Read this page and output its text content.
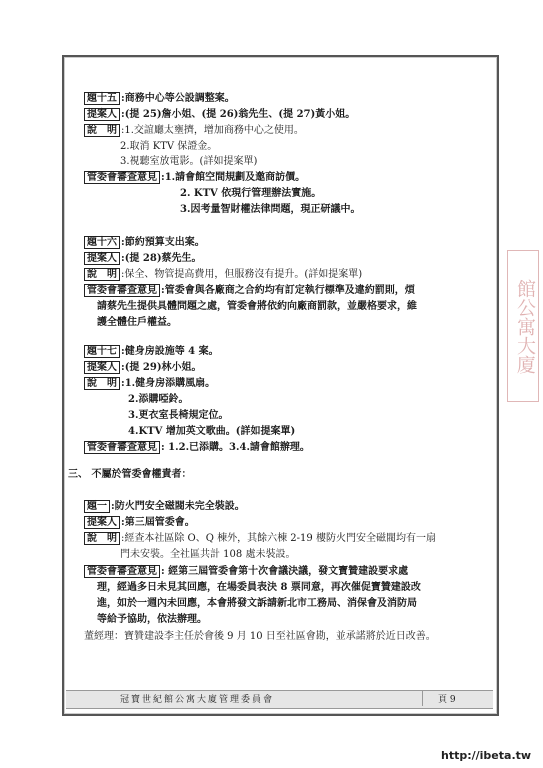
題十五 :商務中心等公設調整案。
提案人 :(提 25)詹小姐、(提 26)翁先生、(提 27)黃小姐。
說　明 :1.交誼廳太壅擠，增加商務中心之使用。
2.取消 KTV 保證金。
3.視聽室放電影。(詳如提案單)
管委會審查意見 :1.請會館空間規劃及邀商訪價。
2. KTV 依現行管理辦法實施。
3.因考量智財權法律問題，現正研議中。
題十六 :節約預算支出案。
提案人 :(提 28)蔡先生。
說　明 :保全、物管提高費用，但服務沒有提升。(詳如提案單)
管委會審查意見 :管委會與各廠商之合約均有訂定執行標準及違約罰則，煩
請蔡先生提供具體問題之處，管委會將依約向廠商罰款，並嚴格要求，維
護全體住戶權益。
題十七 :健身房設施等 4 案。
提案人 :(提 29)林小姐。
說　明 :1.健身房添購風扇。
2.添購啞鈴。
3.更衣室長椅規定位。
4.KTV 增加英文歌曲。(詳如提案單)
管委會審查意見 : 1.2.已添購。3.4.請會館辦理。
三、 不屬於管委會權責者：
題一 :防火門安全磁閥未完全裝設。
提案人 :第三屆管委會。
說　明 :經查本社區除 O、Q 棟外，其餘六棟 2-19 樓防火門安全磁閥均有一扇
門未安裝。全社區共計 108 處未裝設。
管委會審查意見 : 經第三屆管委會第十次會議決議，發文寶贊建設要求處
理，經過多日未見其回應，在場委員表決 8 票同意，再次催促寶贊建設改
進，如於一週內未回應，本會將發文訴請新北市工務局、消保會及消防局
等給予協助，依法辦理。
董經理：寶贊建設李主任於會後 9 月 10 日至社區會勘，並承諾將於近日改善。
冠寶世紀館公寓大廈管理委員會	頁 9
館公寓大廈
http://ibeta.tw
